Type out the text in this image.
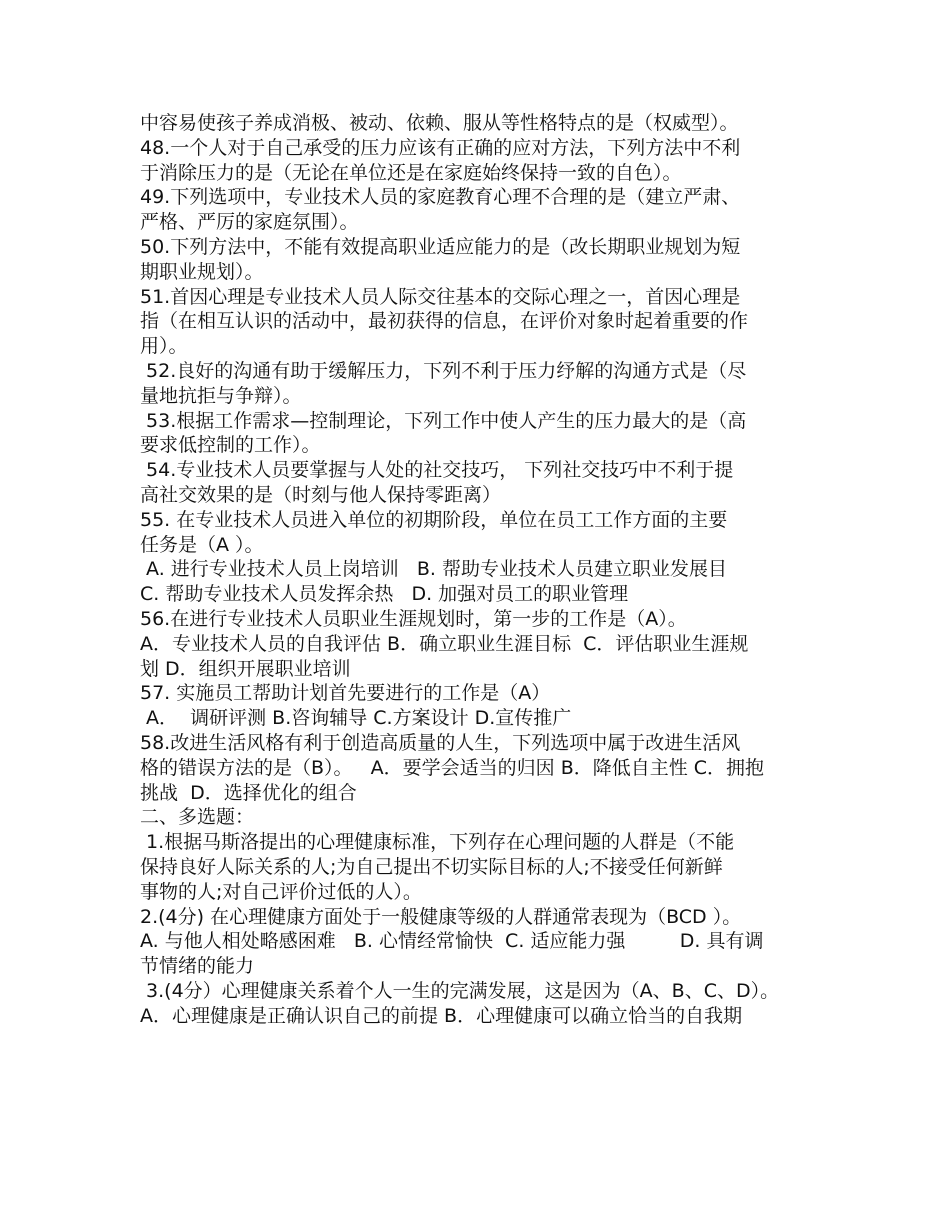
中容易使孩子养成消极、被动、依赖、服从等性格特点的是（权威型）。
48.一个人对于自己承受的压力应该有正确的应对方法，下列方法中不利
于消除压力的是（无论在单位还是在家庭始终保持一致的自色）。
49.下列选项中，专业技术人员的家庭教育心理不合理的是（建立严肃、
严格、严厉的家庭氛围）。
50.下列方法中，不能有效提高职业适应能力的是（改长期职业规划为短
期职业规划）。
51.首因心理是专业技术人员人际交往基本的交际心理之一，首因心理是
指（在相互认识的活动中，最初获得的信息，在评价对象时起着重要的作
用）。
52.良好的沟通有助于缓解压力，下列不利于压力纾解的沟通方式是（尽
量地抗拒与争辩）。
53.根据工作需求—控制理论，下列工作中使人产生的压力最大的是（高
要求低控制的工作）。
54.专业技术人员要掌握与人处的社交技巧， 下列社交技巧中不利于提
高社交效果的是（时刻与他人保持零距离）
55. 在专业技术人员进入单位的初期阶段，单位在员工工作方面的主要
任务是（A ）。
A. 进行专业技术人员上岗培训   B. 帮助专业技术人员建立职业发展目
C. 帮助专业技术人员发挥余热   D. 加强对员工的职业管理
56.在进行专业技术人员职业生涯规划时，第一步的工作是（A）。
A．专业技术人员的自我评估 B．确立职业生涯目标  C．评估职业生涯规
划 D．组织开展职业培训
57. 实施员工帮助计划首先要进行的工作是（A）
A．  调研评测 B.咨询辅导 C.方案设计 D.宣传推广
58.改进生活风格有利于创造高质量的人生，下列选项中属于改进生活风
格的错误方法的是（B）。   A．要学会适当的归因 B．降低自主性 C．拥抱
挑战  D．选择优化的组合
二、多选题：
1.根据马斯洛提出的心理健康标准，下列存在心理问题的人群是（不能
保持良好人际关系的人;为自己提出不切实际目标的人;不接受任何新鲜
事物的人;对自己评价过低的人）。
2.(4分) 在心理健康方面处于一般健康等级的人群通常表现为（BCD ）。
A. 与他人相处略感困难   B. 心情经常愉快  C. 适应能力强         D. 具有调
节情绪的能力
3.(4分）心理健康关系着个人一生的完满发展，这是因为（A、B、C、D）。
A．心理健康是正确认识自己的前提 B．心理健康可以确立恰当的自我期
